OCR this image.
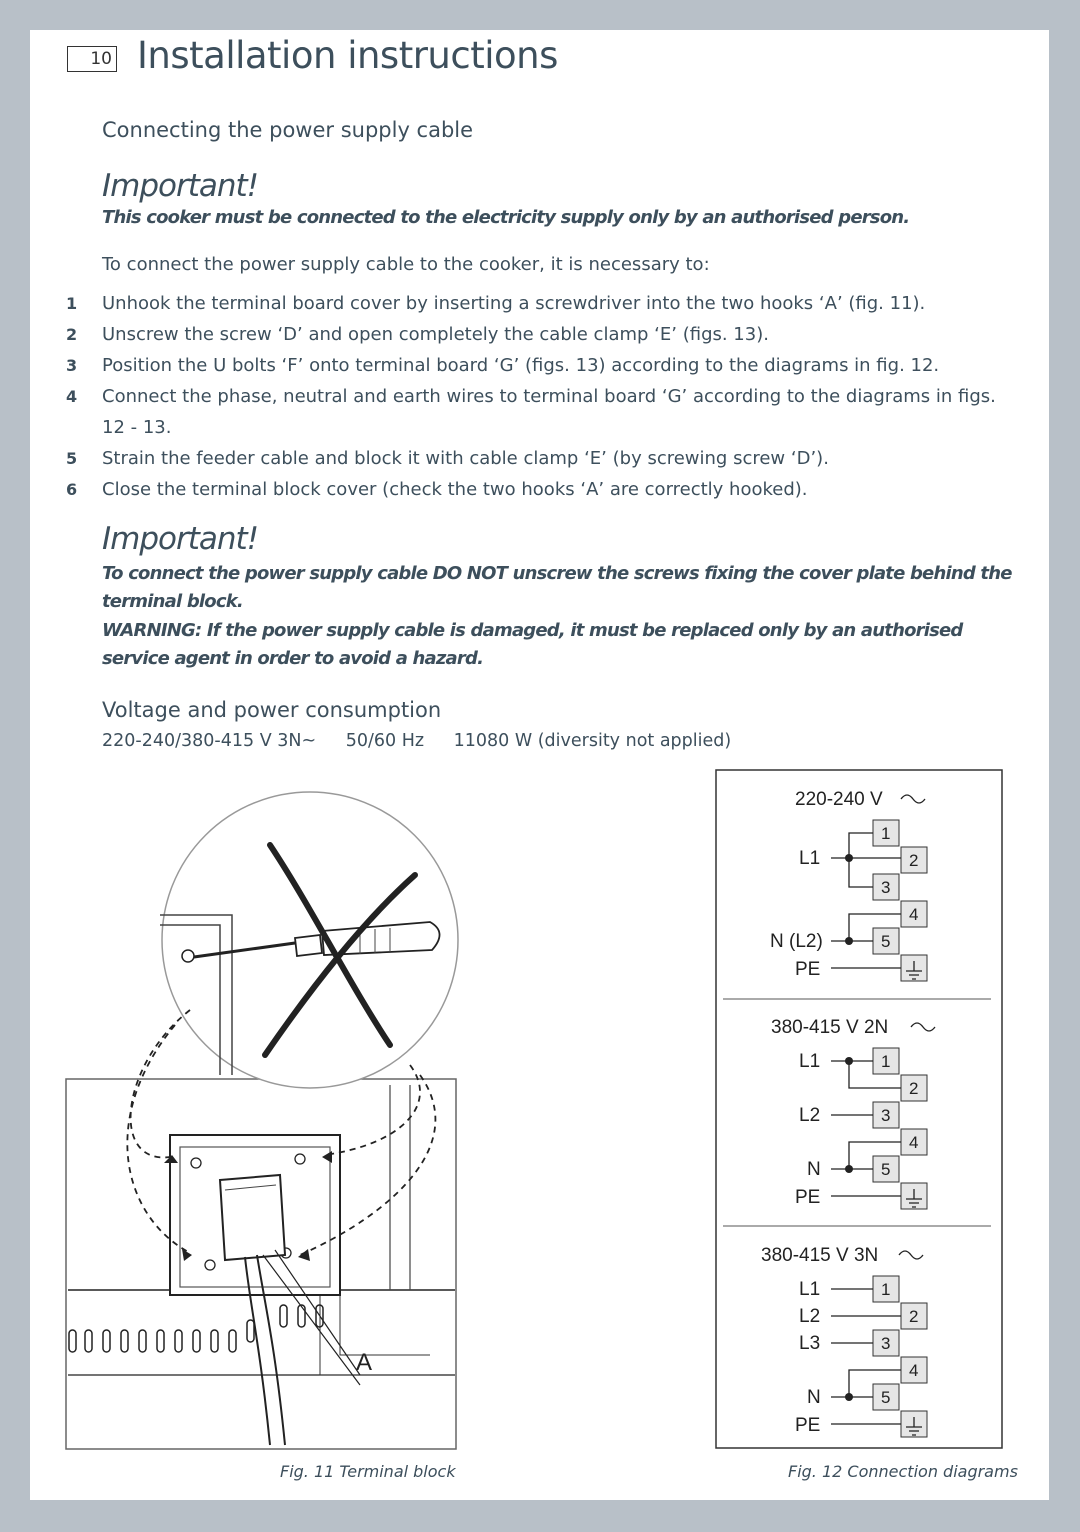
10 Installation instructions
Connecting the power supply cable
Important!
This cooker must be connected to the electricity supply only by an authorised person.
To connect the power supply cable to the cooker, it is necessary to:
1 Unhook the terminal board cover by inserting a screwdriver into the two hooks ‘A’ (fig. 11).
2 Unscrew the screw ‘D’ and open completely the cable clamp ‘E’ (figs. 13).
3 Position the U bolts ‘F’ onto terminal board ‘G’ (figs. 13) according to the diagrams in fig. 12.
4 Connect the phase, neutral and earth wires to terminal board ‘G’ according to the diagrams in figs. 12 - 13.
5 Strain the feeder cable and block it with cable clamp ‘E’ (by screwing screw ‘D’).
6 Close the terminal block cover (check the two hooks ‘A’ are correctly hooked).
Important!
To connect the power supply cable DO NOT unscrew the screws fixing the cover plate behind the terminal block.
WARNING: If the power supply cable is damaged, it must be replaced only by an authorised service agent in order to avoid a hazard.
Voltage and power consumption
220-240/380-415 V 3N~ 50/60 Hz 11080 W (diversity not applied)
A
Fig. 11 Terminal block
220-240 V
1
2
3
4
5
L1
N (L2)
PE
380-415 V 2N
1
2
3
4
5
L1
L2
N
PE
380-415 V 3N
1
2
3
4
5
L1
L2
L3
N
PE
Fig. 12 Connection diagrams
